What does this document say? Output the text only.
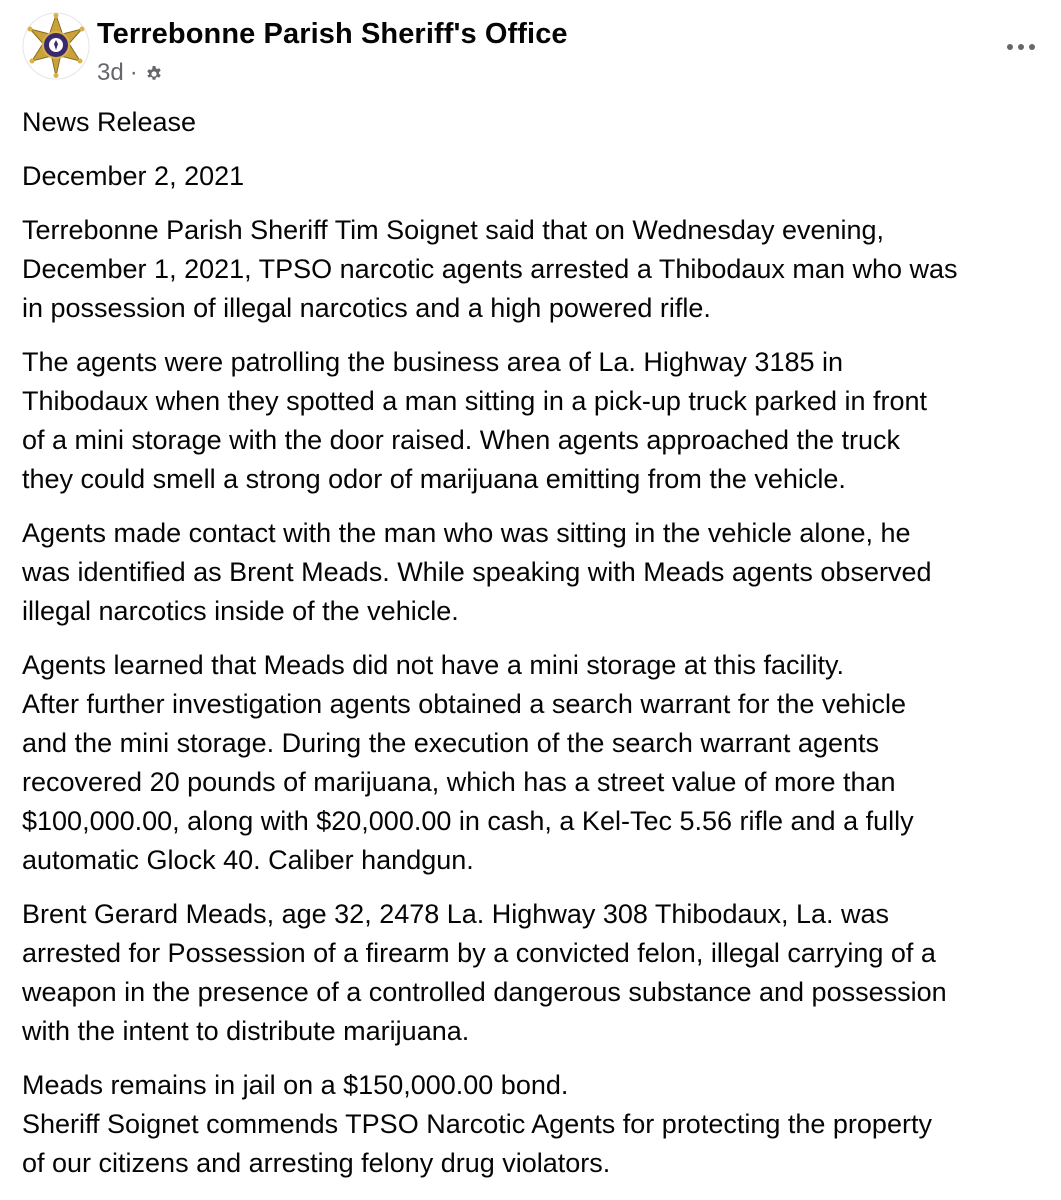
Terrebonne Parish Sheriff's Office
3d ·

News Release

December 2, 2021

Terrebonne Parish Sheriff Tim Soignet said that on Wednesday evening,
December 1, 2021, TPSO narcotic agents arrested a Thibodaux man who was
in possession of illegal narcotics and a high powered rifle.

The agents were patrolling the business area of La. Highway 3185 in
Thibodaux when they spotted a man sitting in a pick-up truck parked in front
of a mini storage with the door raised. When agents approached the truck
they could smell a strong odor of marijuana emitting from the vehicle.

Agents made contact with the man who was sitting in the vehicle alone, he
was identified as Brent Meads. While speaking with Meads agents observed
illegal narcotics inside of the vehicle.

Agents learned that Meads did not have a mini storage at this facility.
After further investigation agents obtained a search warrant for the vehicle
and the mini storage. During the execution of the search warrant agents
recovered 20 pounds of marijuana, which has a street value of more than
$100,000.00, along with $20,000.00 in cash, a Kel-Tec 5.56 rifle and a fully
automatic Glock 40. Caliber handgun.

Brent Gerard Meads, age 32, 2478 La. Highway 308 Thibodaux, La. was
arrested for Possession of a firearm by a convicted felon, illegal carrying of a
weapon in the presence of a controlled dangerous substance and possession
with the intent to distribute marijuana.

Meads remains in jail on a $150,000.00 bond.
Sheriff Soignet commends TPSO Narcotic Agents for protecting the property
of our citizens and arresting felony drug violators.
